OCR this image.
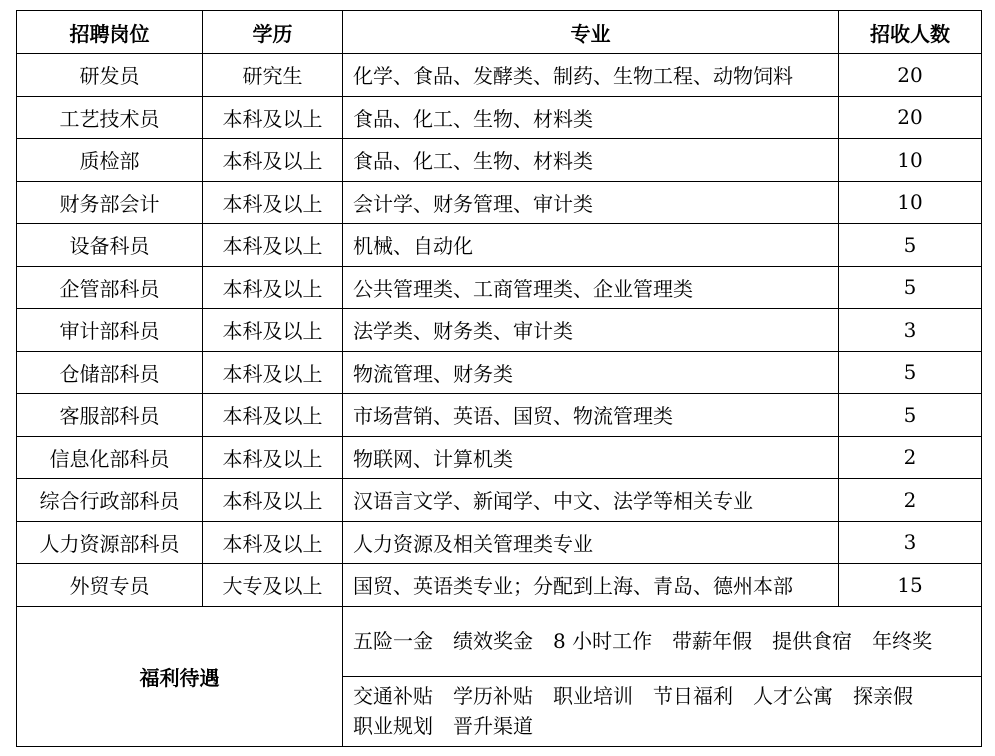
招聘岗位	学历	专业	招收人数
研发员	研究生	化学、食品、发酵类、制药、生物工程、动物饲料	20
工艺技术员	本科及以上	食品、化工、生物、材料类	20
质检部	本科及以上	食品、化工、生物、材料类	10
财务部会计	本科及以上	会计学、财务管理、审计类	10
设备科员	本科及以上	机械、自动化	5
企管部科员	本科及以上	公共管理类、工商管理类、企业管理类	5
审计部科员	本科及以上	法学类、财务类、审计类	3
仓储部科员	本科及以上	物流管理、财务类	5
客服部科员	本科及以上	市场营销、英语、国贸、物流管理类	5
信息化部科员	本科及以上	物联网、计算机类	2
综合行政部科员	本科及以上	汉语言文学、新闻学、中文、法学等相关专业	2
人力资源部科员	本科及以上	人力资源及相关管理类专业	3
外贸专员	大专及以上	国贸、英语类专业；分配到上海、青岛、德州本部	15
福利待遇		五险一金 绩效奖金 8 小时工作 带薪年假 提供食宿 年终奖	
		交通补贴 学历补贴 职业培训 节日福利 人才公寓 探亲假职业规划 晋升渠道	
